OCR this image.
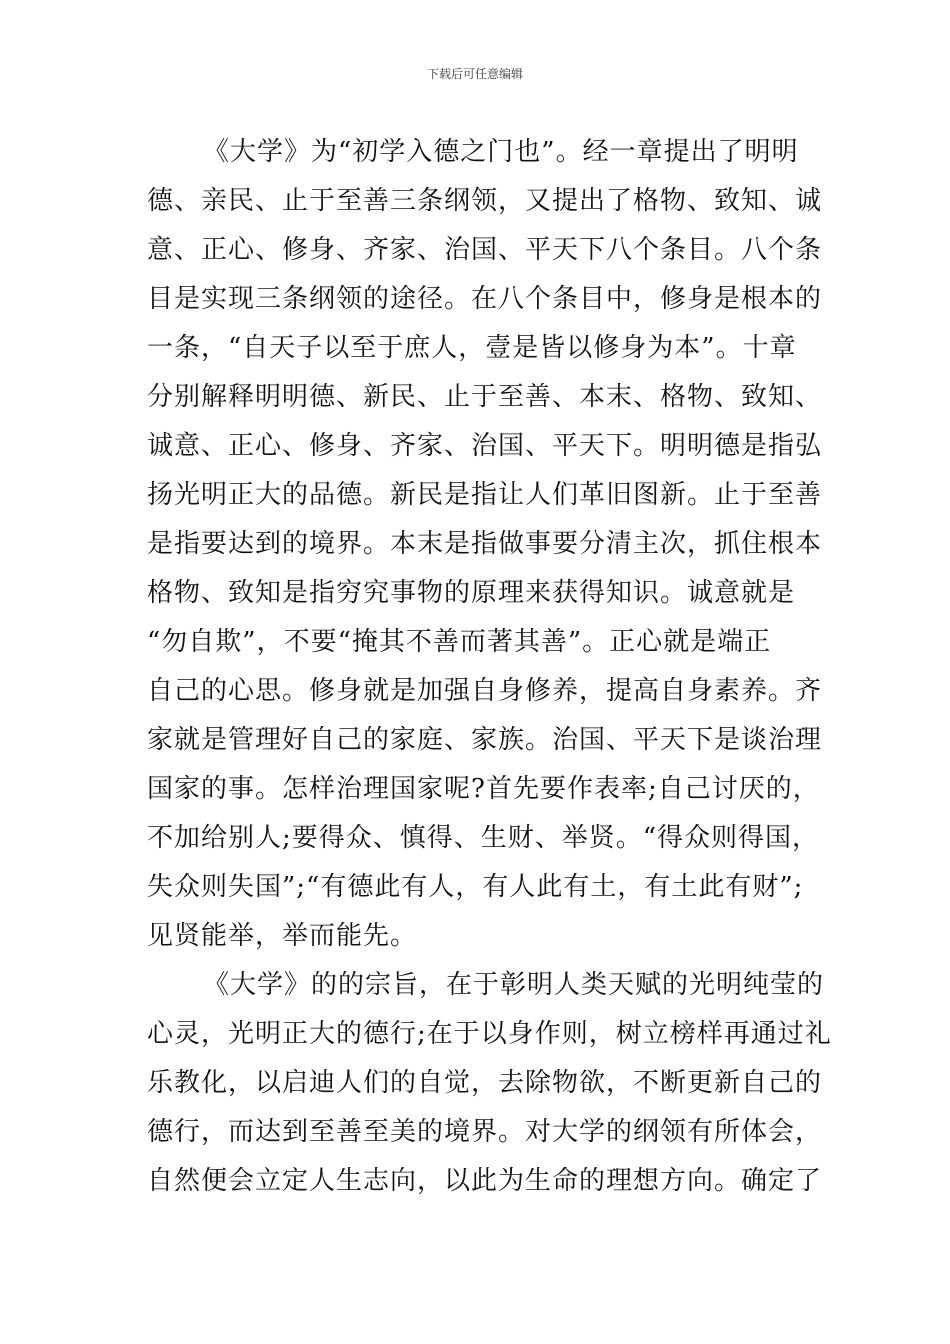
下载后可任意编辑
《大学》为“初学入德之门也”。经一章提出了明明
德、亲民、止于至善三条纲领，又提出了格物、致知、诚
意、正心、修身、齐家、治国、平天下八个条目。八个条
目是实现三条纲领的途径。在八个条目中，修身是根本的
一条，“自天子以至于庶人，壹是皆以修身为本”。十章
分别解释明明德、新民、止于至善、本末、格物、致知、
诚意、正心、修身、齐家、治国、平天下。明明德是指弘
扬光明正大的品德。新民是指让人们革旧图新。止于至善
是指要达到的境界。本末是指做事要分清主次，抓住根本
格物、致知是指穷究事物的原理来获得知识。诚意就是
“勿自欺”，不要“掩其不善而著其善”。正心就是端正
自己的心思。修身就是加强自身修养，提高自身素养。齐
家就是管理好自己的家庭、家族。治国、平天下是谈治理
国家的事。怎样治理国家呢?首先要作表率;自己讨厌的，
不加给别人;要得众、慎得、生财、举贤。“得众则得国，
失众则失国”;“有德此有人，有人此有土，有土此有财”;
见贤能举，举而能先。
《大学》的的宗旨，在于彰明人类天赋的光明纯莹的
心灵，光明正大的德行;在于以身作则，树立榜样再通过礼
乐教化，以启迪人们的自觉，去除物欲，不断更新自己的
德行，而达到至善至美的境界。对大学的纲领有所体会，
自然便会立定人生志向，以此为生命的理想方向。确定了
